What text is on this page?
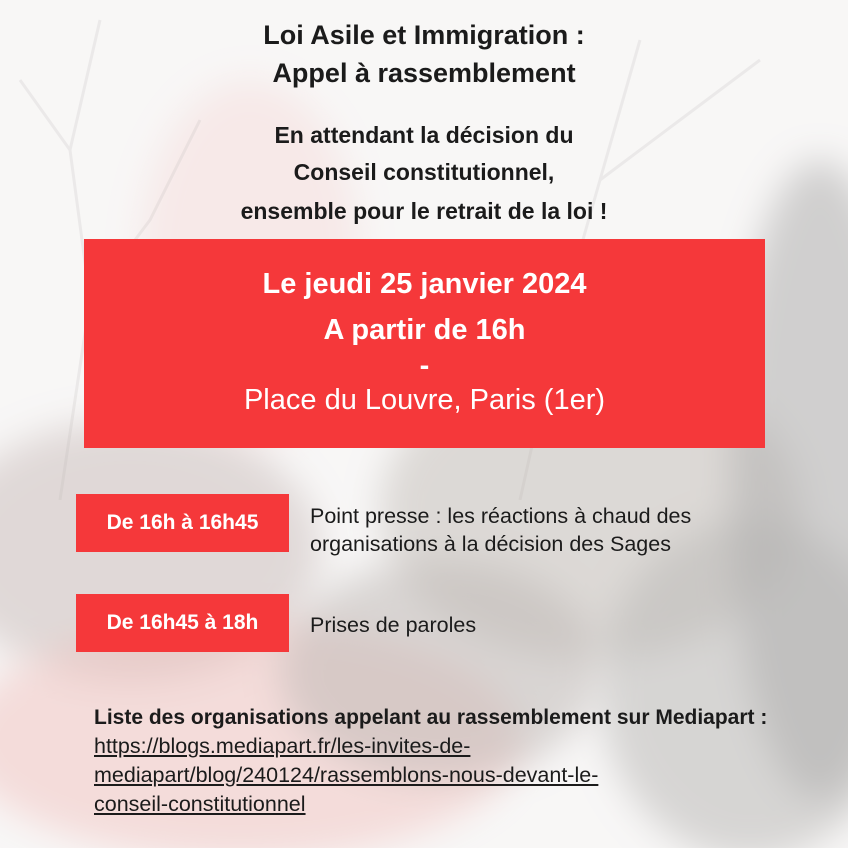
Loi Asile et Immigration :
Appel à rassemblement
En attendant la décision du
Conseil constitutionnel,
ensemble pour le retrait de la loi !
Le jeudi 25 janvier 2024
A partir de 16h
-
Place du Louvre, Paris (1er)
De 16h à 16h45	Point presse : les réactions à chaud des organisations à la décision des Sages
De 16h45 à 18h	Prises de paroles
Liste des organisations appelant au rassemblement sur Mediapart :
https://blogs.mediapart.fr/les-invites-de-
mediapart/blog/240124/rassemblons-nous-devant-le-
conseil-constitutionnel
